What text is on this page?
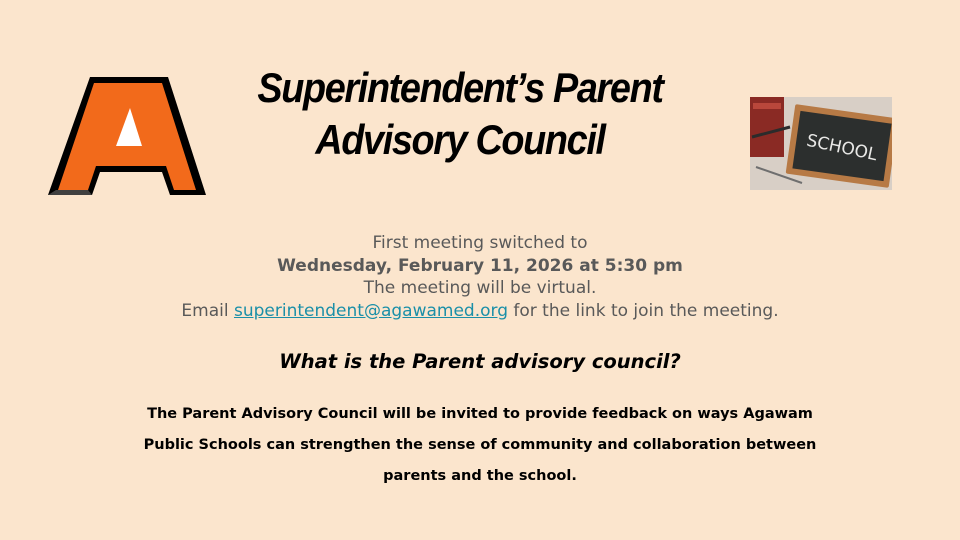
Superintendent’s Parent
Advisory Council	SCHOOL
First meeting switched to
Wednesday, February 11, 2026 at 5:30 pm
The meeting will be virtual.
Email superintendent@agawamed.org for the link to join the meeting.
What is the Parent advisory council?
The Parent Advisory Council will be invited to provide feedback on ways Agawam
Public Schools can strengthen the sense of community and collaboration between
parents and the school.
